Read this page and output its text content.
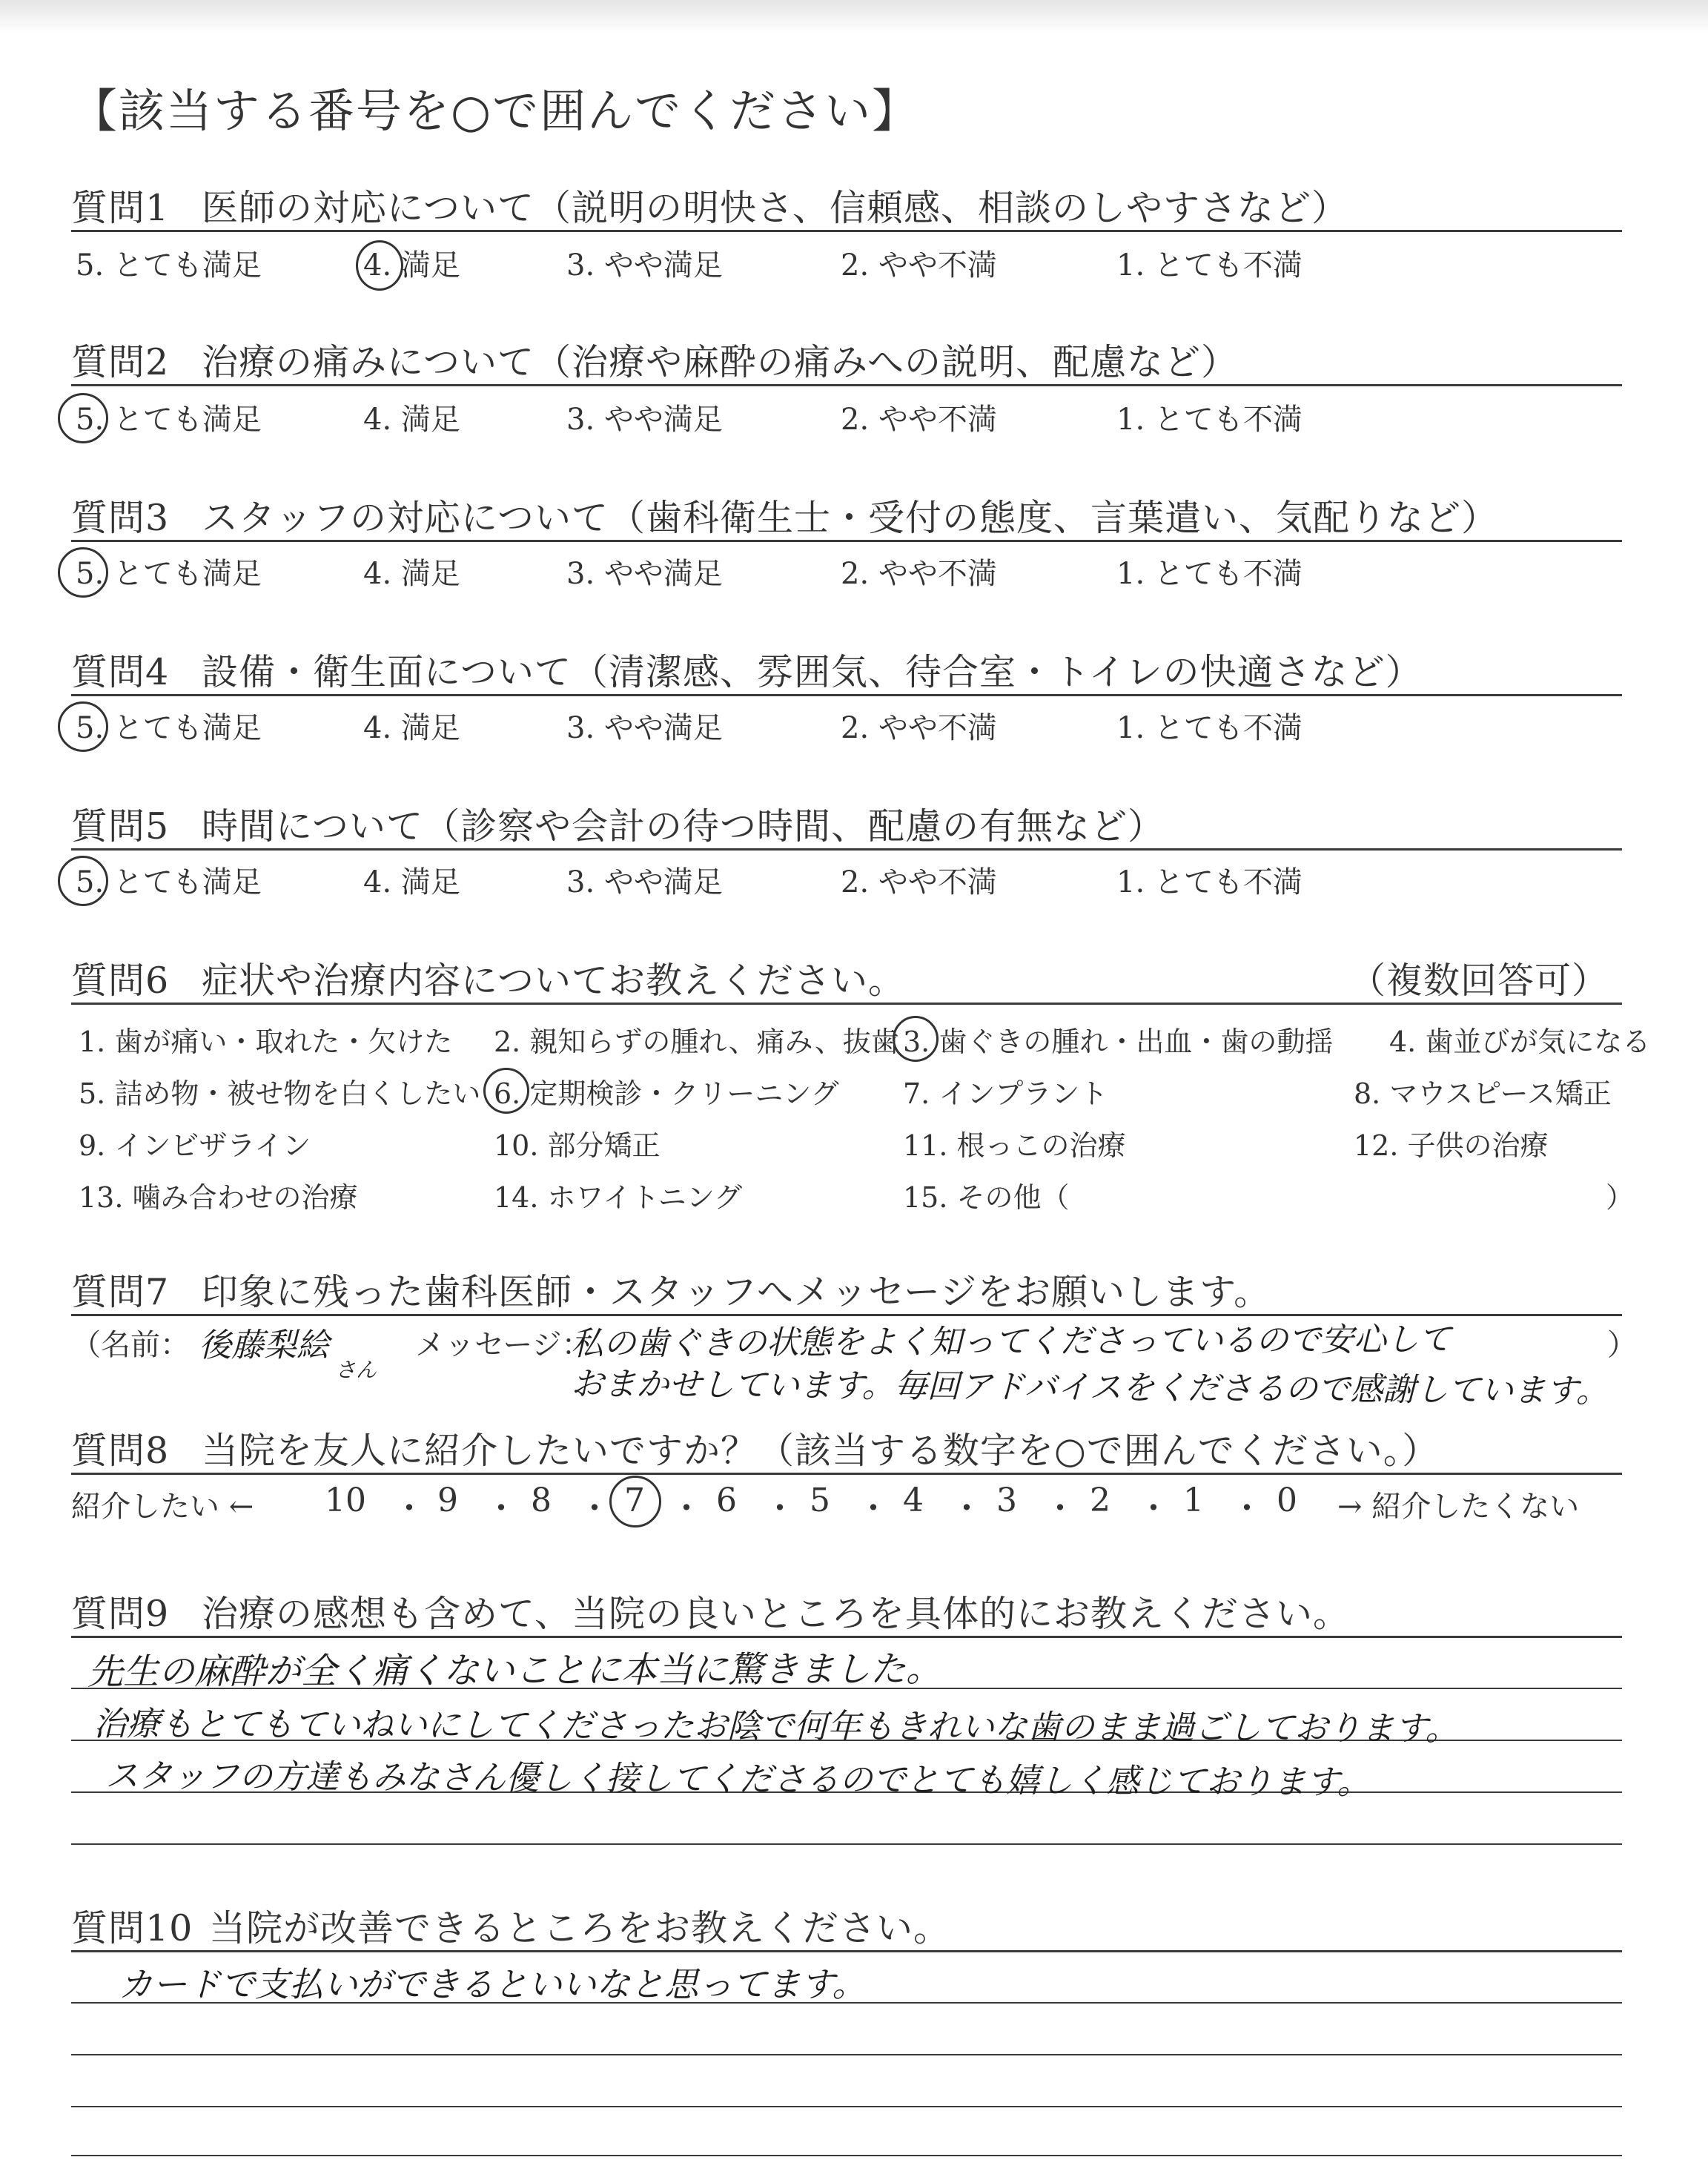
【該当する番号を○で囲んでください】
質問1 医師の対応について（説明の明快さ、信頼感、相談のしやすさなど）
5. とても満足	4. 満足	3. やや満足	2. やや不満	1. とても不満
質問2 治療の痛みについて（治療や麻酔の痛みへの説明、配慮など）
5. とても満足	4. 満足	3. やや満足	2. やや不満	1. とても不満
質問3 スタッフの対応について（歯科衛生士・受付の態度、言葉遣い、気配りなど）
5. とても満足	4. 満足	3. やや満足	2. やや不満	1. とても不満
質問4 設備・衛生面について（清潔感、雰囲気、待合室・トイレの快適さなど）
5. とても満足	4. 満足	3. やや満足	2. やや不満	1. とても不満
質問5 時間について（診察や会計の待つ時間、配慮の有無など）
5. とても満足	4. 満足	3. やや満足	2. やや不満	1. とても不満
質問6 症状や治療内容についてお教えください。	（複数回答可）
1. 歯が痛い・取れた・欠けた 2. 親知らずの腫れ、痛み、抜歯 3. 歯ぐきの腫れ・出血・歯の動揺 4. 歯並びが気になる
5. 詰め物・被せ物を白くしたい 6. 定期検診・クリーニング 7. インプラント	8. マウスピース矯正
9. インビザライン	10. 部分矯正	11. 根っこの治療	12. 子供の治療
13. 噛み合わせの治療	14. ホワイトニング	15. その他（	）
質問7 印象に残った歯科医師・スタッフへメッセージをお願いします。
（名前： 後藤梨絵
さん
メッセージ：
私の歯ぐきの状態をよく知ってくださっているので安心して
おまかせしています。毎回アドバイスをくださるので感謝しています。
）
質問8 当院を友人に紹介したいですか？（該当する数字を○で囲んでください。）
紹介したい ←	→ 紹介したくない
10 ・ 9 ・ 8 ・ 7 ・ 6 ・ 5 ・ 4 ・ 3 ・ 2 ・ 1 ・ 0
質問9 治療の感想も含めて、当院の良いところを具体的にお教えください。
先生の麻酔が全く痛くないことに本当に驚きました。
治療もとてもていねいにしてくださったお陰で何年もきれいな歯のまま過ごしております。
スタッフの方達もみなさん優しく接してくださるのでとても嬉しく感じております。
質問10 当院が改善できるところをお教えください。
カードで支払いができるといいなと思ってます。
